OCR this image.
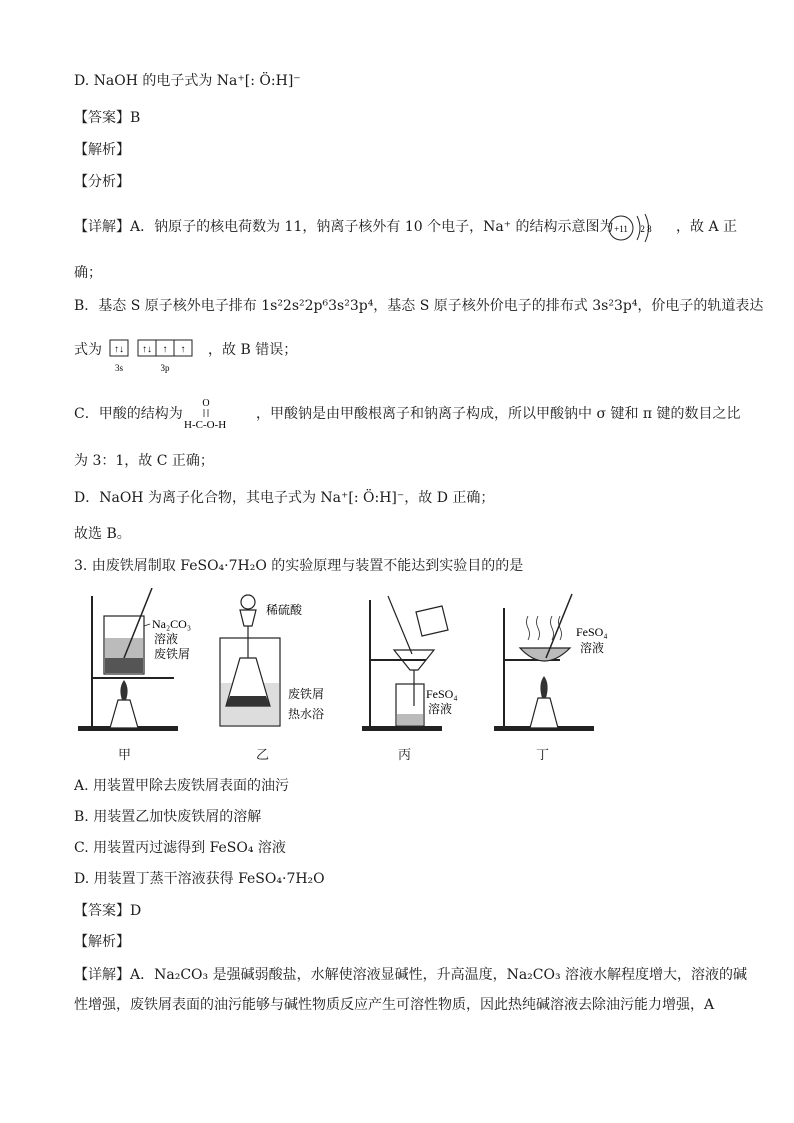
D. NaOH 的电子式为 Na⁺[: Ö:H]⁻
【答案】B
【解析】
【分析】
【详解】A．钠原子的核电荷数为 11，钠离子核外有 10 个电子，Na⁺ 的结构示意图为 +11 2 8 ，故 A 正
确；
B．基态 S 原子核外电子排布 1s²2s²2p⁶3s²3p⁴，基态 S 原子核外价电子的排布式 3s²3p⁴，价电子的轨道表达
式为 ↑↓ ↑↓ ↑ ↑
3s	3p
，故 B 错误；
C．甲酸的结构为
O
H-C-O-H
，甲酸钠是由甲酸根离子和钠离子构成，所以甲酸钠中 σ 键和 π 键的数目之比
为 3：1，故 C 正确；
D．NaOH 为离子化合物，其电子式为 Na⁺[: Ö:H]⁻，故 D 正确；
故选 B。
3. 由废铁屑制取 FeSO₄·7H₂O 的实验原理与装置不能达到实验目的的是
Na₂CO₃
溶液
废铁屑
甲
稀硫酸
废铁屑
热水浴
乙
FeSO₄
溶液
丙
FeSO₄
溶液
丁
A. 用装置甲除去废铁屑表面的油污
B. 用装置乙加快废铁屑的溶解
C. 用装置丙过滤得到 FeSO₄ 溶液
D. 用装置丁蒸干溶液获得 FeSO₄·7H₂O
【答案】D
【解析】
【详解】A．Na₂CO₃ 是强碱弱酸盐，水解使溶液显碱性，升高温度，Na₂CO₃ 溶液水解程度增大，溶液的碱
性增强，废铁屑表面的油污能够与碱性物质反应产生可溶性物质，因此热纯碱溶液去除油污能力增强，A
